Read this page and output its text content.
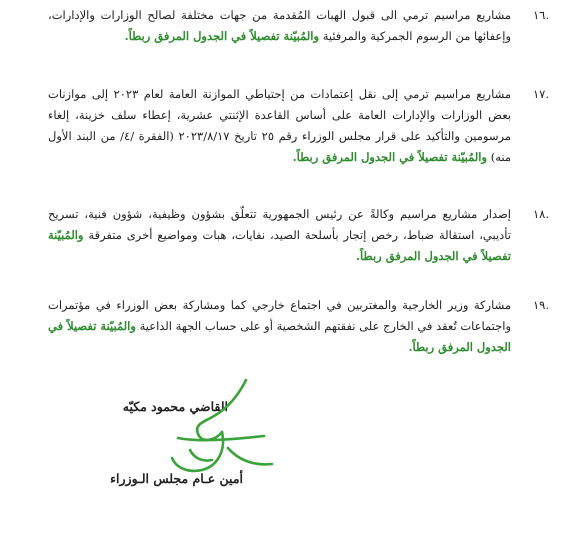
.١٦

مشاريع مراسيم ترمي الى قبول الهبات المُقدمة من جهات مختلفة لصالح الوزارات والإدارات، وإعفائها من الرسوم الجمركية والمرفئية والمُبيّنة تفصيلاً في الجدول المرفق ربطاً.

.١٧

مشاريع مراسيم ترمي إلى نقل إعتمادات من إحتياطي الموازنة العامة لعام ٢٠٢٣ إلى موازنات بعض الوزارات والإدارات العامة على أساس القاعدة الإثنتي عشرية، إعطاء سلف خزينة، إلغاء مرسومين والتأكيد على قرار مجلس الوزراء رقم ٢٥ تاريخ ٢٠٢٣/٨/١٧ (الفقرة /٤/ من البند الأول منه) والمُبيّنة تفصيلاً في الجدول المرفق ربطاً.

.١٨

إصدار مشاريع مراسيم وكالةً عن رئيس الجمهورية تتعلّق بشؤون وظيفية، شؤون فنية، تسريح تأديبي، استقالة ضباط، رخص إتجار بأسلحة الصيد، نفايات، هبات ومواضيع أخرى متفرقة والمُبيّنة تفصيلاً في الجدول المرفق ربطاً.

.١٩

مشاركة وزير الخارجية والمغتربين في اجتماع خارجي كما ومشاركة بعض الوزراء في مؤتمرات واجتماعات تُعقد في الخارج على نفقتهم الشخصية أو على حساب الجهة الداعية والمُبيّنة تفصيلاً في الجدول المرفق ربطاً.

القاضي محمود مكيّه
أمين عـام مجلس الـوزراء
